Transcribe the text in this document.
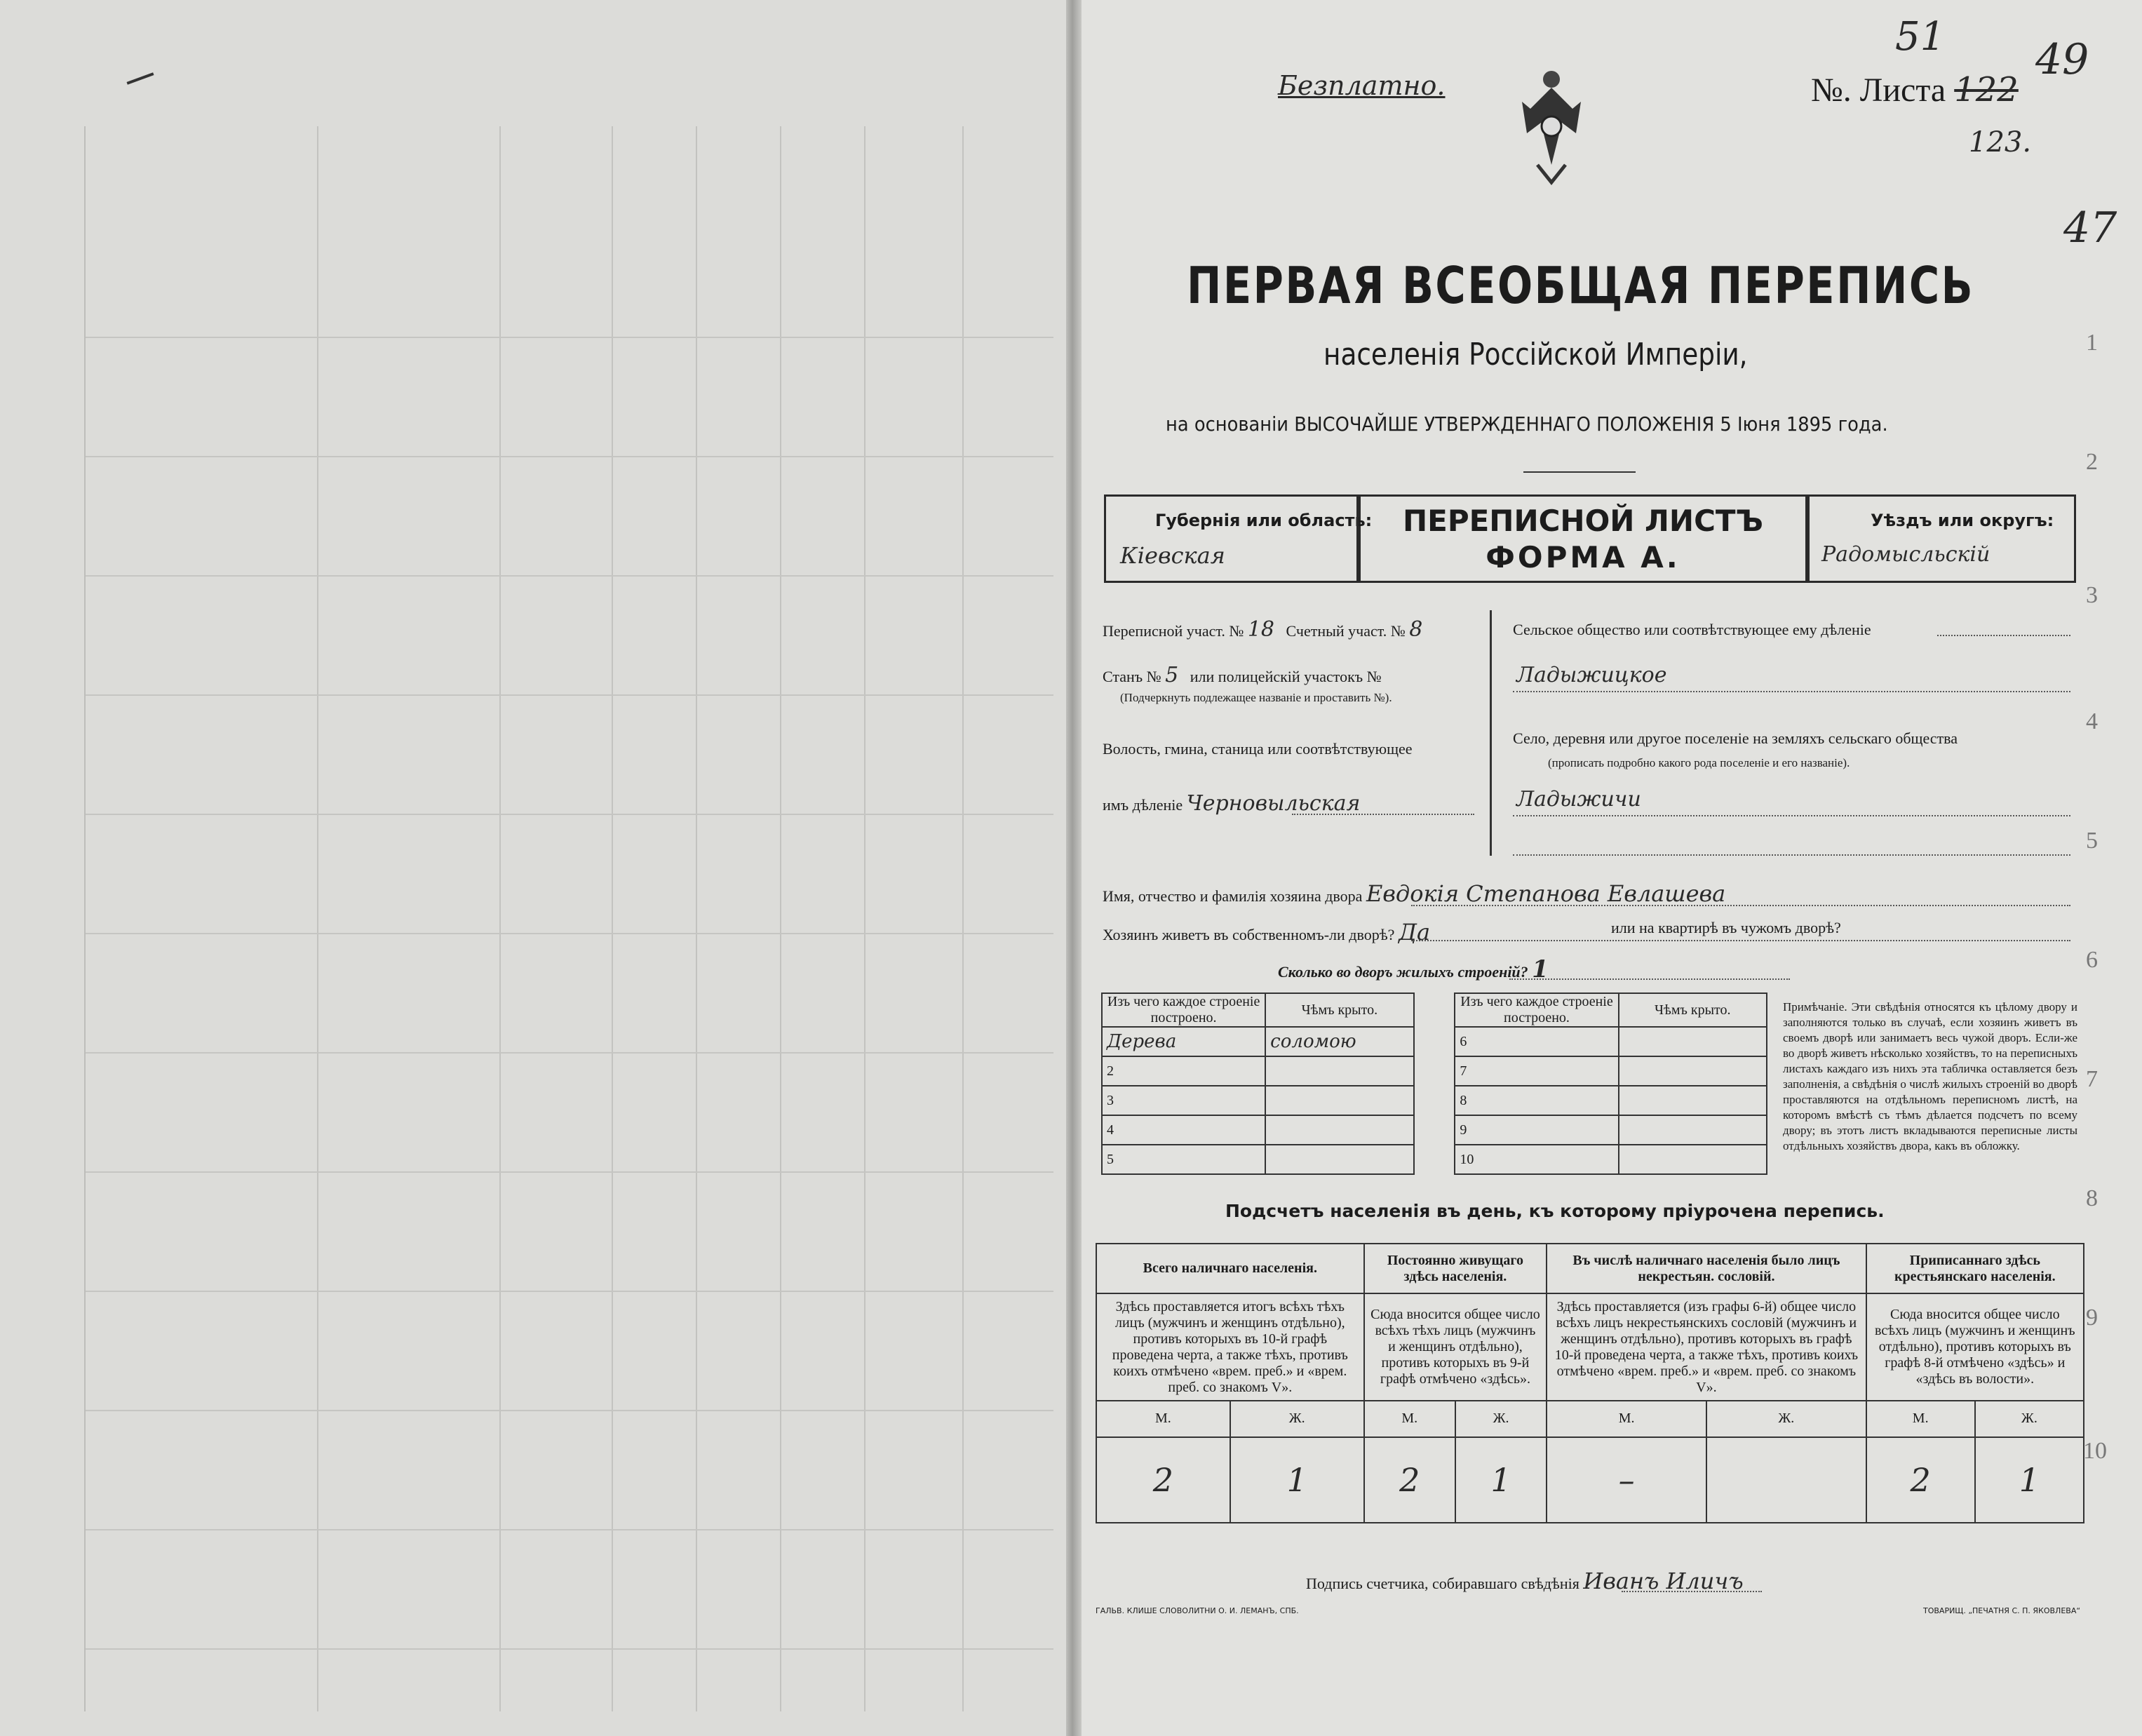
Безплатно.	№. Листа 122
123.
51 49
47
ПЕРВАЯ ВСЕОБЩАЯ ПЕРЕПИСЬ
населенія Россійской Имперіи,
на основаніи ВЫСОЧАЙШЕ УТВЕРЖДЕННАГО ПОЛОЖЕНІЯ 5 Іюня 1895 года.
Губернія или область:
Кіевская
ПЕРЕПИСНОЙ ЛИСТЪ
ФОРМА А.
Уѣздъ или округъ:
Радомысльскій
Переписной участ. № 18 Счетный участ. № 8
Станъ № 5 или полицейскій участокъ №
(Подчеркнуть подлежащее названіе и проставить №).
Волость, гмина, станица или соотвѣтствующее
имъ дѣленіе Черновыльская
Сельское общество или соотвѣтствующее ему дѣленіе
Ладыжицкое
Село, деревня или другое поселеніе на земляхъ сельскаго общества
(прописать подробно какого рода поселеніе и его названіе).
Ладыжичи
Имя, отчество и фамилія хозяина двора Евдокія Степанова Евлашева
Хозяинъ живетъ въ собственномъ-ли дворѣ? Да	или на квартирѣ въ чужомъ дворѣ?
Сколько во дворъ жилыхъ строеній? 1
Изъ чего каждое строеніе построено.	Чѣмъ крыто.		Изъ чего каждое строеніе построено.	Чѣмъ крыто.
Дерева	соломою		6	
2			7	
3			8	
4			9	
5			10	
Примѣчаніе. Эти свѣдѣнія относятся къ цѣлому двору и заполняются только въ случаѣ, если хозяинъ живетъ въ своемъ дворѣ или занимаетъ весь чужой дворъ. Если-же во дворѣ живетъ нѣсколько хозяйствъ, то на переписныхъ листахъ каждаго изъ нихъ эта табличка оставляется безъ заполненія, а свѣдѣнія о числѣ жилыхъ строеній во дворѣ проставляются на отдѣльномъ переписномъ листѣ, на которомъ вмѣстѣ съ тѣмъ дѣлается подсчетъ по всему двору; въ этотъ листъ вкладываются переписные листы отдѣльныхъ хозяйствъ двора, какъ въ обложку.
Подсчетъ населенія въ день, къ которому пріурочена перепись.
Всего наличнаго населенія.		Постоянно живущаго здѣсь населенія.		Въ числѣ наличнаго населенія было лицъ некрестьян. сословій.		Приписаннаго здѣсь крестьянскаго населенія.	
Здѣсь проставляется итогъ всѣхъ тѣхъ лицъ (мужчинъ и женщинъ отдѣльно), противъ которыхъ въ 10-й графѣ проведена черта, а также тѣхъ, противъ коихъ отмѣчено «врем. преб.» и «врем. преб. со знакомъ V».		Сюда вносится общее число всѣхъ тѣхъ лицъ (мужчинъ и женщинъ отдѣльно), противъ которыхъ въ 9-й графѣ отмѣчено «здѣсь».		Здѣсь проставляется (изъ графы 6-й) общее число всѣхъ лицъ некрестьянскихъ сословій (мужчинъ и женщинъ отдѣльно), противъ которыхъ въ графѣ 10-й проведена черта, а также тѣхъ, противъ коихъ отмѣчено «врем. преб.» и «врем. преб. со знакомъ V».		Сюда вносится общее число всѣхъ лицъ (мужчинъ и женщинъ отдѣльно), противъ которыхъ въ графѣ 8-й отмѣчено «здѣсь» и «здѣсь въ волости».	
М.	Ж.	М.	Ж.	М.	Ж.	М.	Ж.
2	1	2	1	–		2	1
Подпись счетчика, собиравшаго свѣдѣнія Иванъ Иличъ
ГАЛЬВ. КЛИШЕ СЛОВОЛИТНИ О. И. ЛЕМАНЪ, СПБ.	ТОВАРИЩ. „ПЕЧАТНЯ С. П. ЯКОВЛЕВА“
1
2
3
4
5
6
7
8
9
10
